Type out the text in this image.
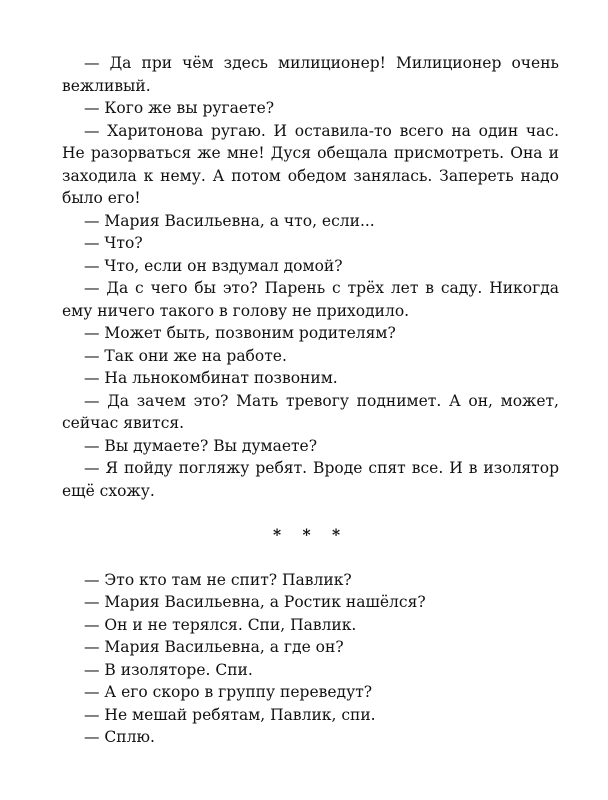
— Да при чём здесь милиционер! Милиционер очень вежливый.

— Кого же вы ругаете?

— Харитонова ругаю. И оставила-то всего на один час. Не разорваться же мне! Дуся обещала присмотреть. Она и заходила к нему. А потом обедом занялась. Запереть надо было его!

— Мария Васильевна, а что, если...

— Что?

— Что, если он вздумал домой?

— Да с чего бы это? Парень с трёх лет в саду. Никогда ему ничего такого в голову не приходило.

— Может быть, позвоним родителям?

— Так они же на работе.

— На льнокомбинат позвоним.

— Да зачем это? Мать тревогу поднимет. А он, может, сейчас явится.

— Вы думаете? Вы думаете?

— Я пойду погляжу ребят. Вроде спят все. И в изолятор ещё схожу.

* * *

— Это кто там не спит? Павлик?

— Мария Васильевна, а Ростик нашёлся?

— Он и не терялся. Спи, Павлик.

— Мария Васильевна, а где он?

— В изоляторе. Спи.

— А его скоро в группу переведут?

— Не мешай ребятам, Павлик, спи.

— Сплю.
